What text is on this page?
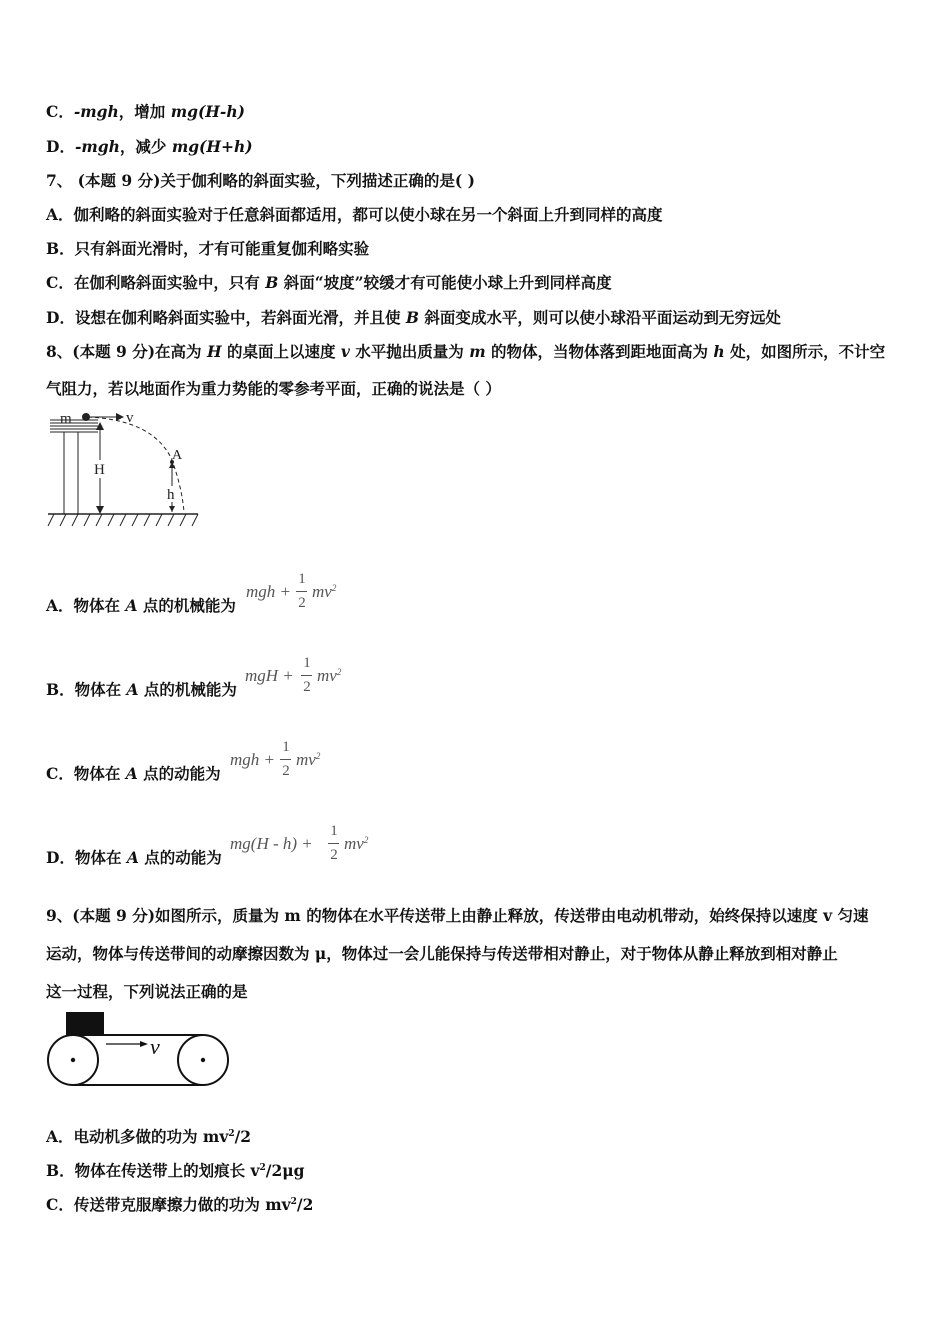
C．-mgh，增加 mg(H-h)
D．-mgh，减少 mg(H+h)
7、 (本题 9 分)关于伽利略的斜面实验，下列描述正确的是( )
A．伽利略的斜面实验对于任意斜面都适用，都可以使小球在另一个斜面上升到同样的高度
B．只有斜面光滑时，才有可能重复伽利略实验
C．在伽利略斜面实验中，只有 B 斜面“坡度”较缓才有可能使小球上升到同样高度
D．设想在伽利略斜面实验中，若斜面光滑，并且使 B 斜面变成水平，则可以使小球沿平面运动到无穷远处
8、(本题 9 分)在高为 H 的桌面上以速度 v 水平抛出质量为 m 的物体，当物体落到距地面高为 h 处，如图所示，不计空
气阻力，若以地面作为重力势能的零参考平面，正确的说法是（ ）
m	v
A
H
h
A．物体在 A 点的机械能为
mgh +
1
2
$mv^2$
B．物体在 A 点的机械能为
mgH +
1
2
$mv^2$
C．物体在 A 点的动能为
mgh +
1
2
$mv^2$
D．物体在 A 点的动能为
mg(H - h) +
1
2
$mv^2$
9、(本题 9 分)如图所示，质量为 m 的物体在水平传送带上由静止释放，传送带由电动机带动，始终保持以速度 v 匀速
运动，物体与传送带间的动摩擦因数为 μ，物体过一会儿能保持与传送带相对静止，对于物体从静止释放到相对静止
这一过程，下列说法正确的是
v
A．电动机多做的功为 $mv^2/2$
B．物体在传送带上的划痕长 $v^2/2\mu g$
C．传送带克服摩擦力做的功为 $mv^2/2$
